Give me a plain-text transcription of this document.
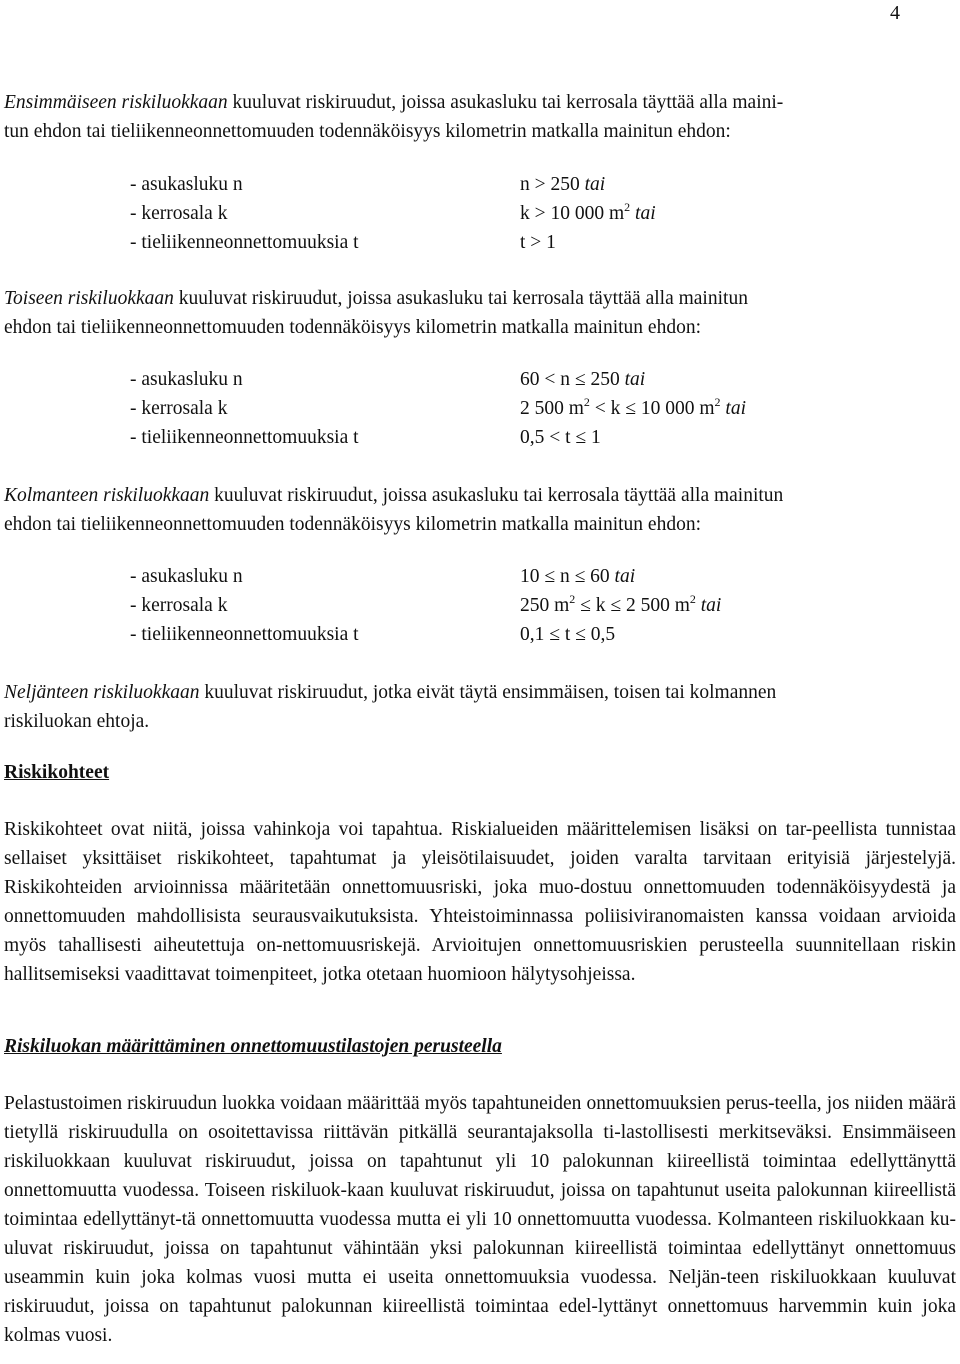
4

Ensimmäiseen riskiluokkaan kuuluvat riskiruudut, joissa asukasluku tai kerrosala täyttää alla maini-
tun ehdon tai tieliikenneonnettomuuden todennäköisyys kilometrin matkalla mainitun ehdon:

- asukasluku n	n > 250 tai
- kerrosala k	k > 10 000 $m^2$ tai
- tieliikenneonnettomuuksia t	t > 1

Toiseen riskiluokkaan kuuluvat riskiruudut, joissa asukasluku tai kerrosala täyttää alla mainitun
ehdon tai tieliikenneonnettomuuden todennäköisyys kilometrin matkalla mainitun ehdon:

- asukasluku n	60 < n ≤ 250 tai
- kerrosala k	2 500 $m^2 < k \le 10$ 000 $m^2$ tai
- tieliikenneonnettomuuksia t	0,5 < t ≤ 1

Kolmanteen riskiluokkaan kuuluvat riskiruudut, joissa asukasluku tai kerrosala täyttää alla mainitun
ehdon tai tieliikenneonnettomuuden todennäköisyys kilometrin matkalla mainitun ehdon:

- asukasluku n	10 ≤ n ≤ 60 tai
- kerrosala k	250 $m^2 \le k \le 2$ 500 $m^2$ tai
- tieliikenneonnettomuuksia t	0,1 ≤ t ≤ 0,5

Neljänteen riskiluokkaan kuuluvat riskiruudut, jotka eivät täytä ensimmäisen, toisen tai kolmannen
riskiluokan ehtoja.

Riskikohteet

Riskikohteet ovat niitä, joissa vahinkoja voi tapahtua. Riskialueiden määrittelemisen lisäksi on tar-peellista tunnistaa sellaiset yksittäiset riskikohteet, tapahtumat ja yleisötilaisuudet, joiden varalta tarvitaan erityisiä järjestelyjä. Riskikohteiden arvioinnissa määritetään onnettomuusriski, joka muo-dostuu onnettomuuden todennäköisyydestä ja onnettomuuden mahdollisista seurausvaikutuksista. Yhteistoiminnassa poliisiviranomaisten kanssa voidaan arvioida myös tahallisesti aiheutettuja on-nettomuusriskejä. Arvioitujen onnettomuusriskien perusteella suunnitellaan riskin hallitsemiseksi vaadittavat toimenpiteet, jotka otetaan huomioon hälytysohjeissa.

Riskiluokan määrittäminen onnettomuustilastojen perusteella

Pelastustoimen riskiruudun luokka voidaan määrittää myös tapahtuneiden onnettomuuksien perus-teella, jos niiden määrä tietyllä riskiruudulla on osoitettavissa riittävän pitkällä seurantajaksolla ti-lastollisesti merkitseväksi. Ensimmäiseen riskiluokkaan kuuluvat riskiruudut, joissa on tapahtunut yli 10 palokunnan kiireellistä toimintaa edellyttänyttä onnettomuutta vuodessa. Toiseen riskiluok-kaan kuuluvat riskiruudut, joissa on tapahtunut useita palokunnan kiireellistä toimintaa edellyttänyt-tä onnettomuutta vuodessa mutta ei yli 10 onnettomuutta vuodessa. Kolmanteen riskiluokkaan ku-uluvat riskiruudut, joissa on tapahtunut vähintään yksi palokunnan kiireellistä toimintaa edellyttänyt onnettomuus useammin kuin joka kolmas vuosi mutta ei useita onnettomuuksia vuodessa. Neljän-teen riskiluokkaan kuuluvat riskiruudut, joissa on tapahtunut palokunnan kiireellistä toimintaa edel-lyttänyt onnettomuus harvemmin kuin joka kolmas vuosi.
